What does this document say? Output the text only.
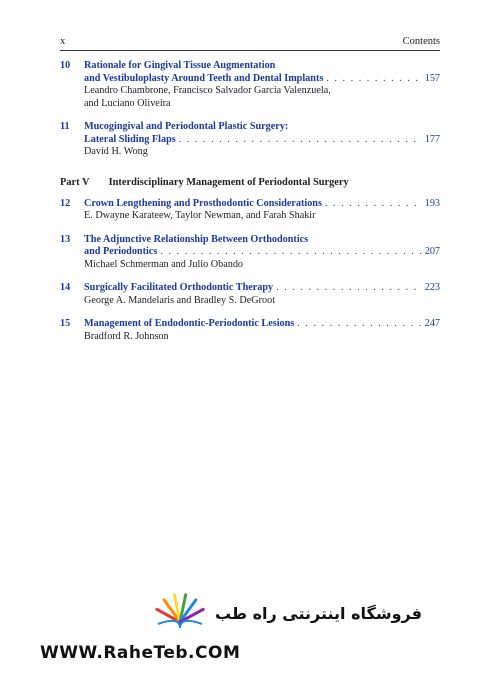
x	Contents
10 Rationale for Gingival Tissue Augmentation
and Vestibuloplasty Around Teeth and Dental Implants . . .	157
Leandro Chambrone, Francisco Salvador Garcia Valenzuela,
and Luciano Oliveira
11 Mucogingival and Periodontal Plastic Surgery:
Lateral Sliding Flaps . . .	177
David H. Wong
Part V Interdisciplinary Management of Periodontal Surgery
12 Crown Lengthening and Prosthodontic Considerations . . .	193
E. Dwayne Karateew, Taylor Newman, and Farah Shakir
13 The Adjunctive Relationship Between Orthodontics
and Periodontics . . .	207
Michael Schmerman and Julio Obando
14 Surgically Facilitated Orthodontic Therapy . . .	223
George A. Mandelaris and Bradley S. DeGroot
15 Management of Endodontic-Periodontic Lesions . . .	247
Bradford R. Johnson
فروشگاه اینترنتی راه طب
WWW.RaheTeb.COM
